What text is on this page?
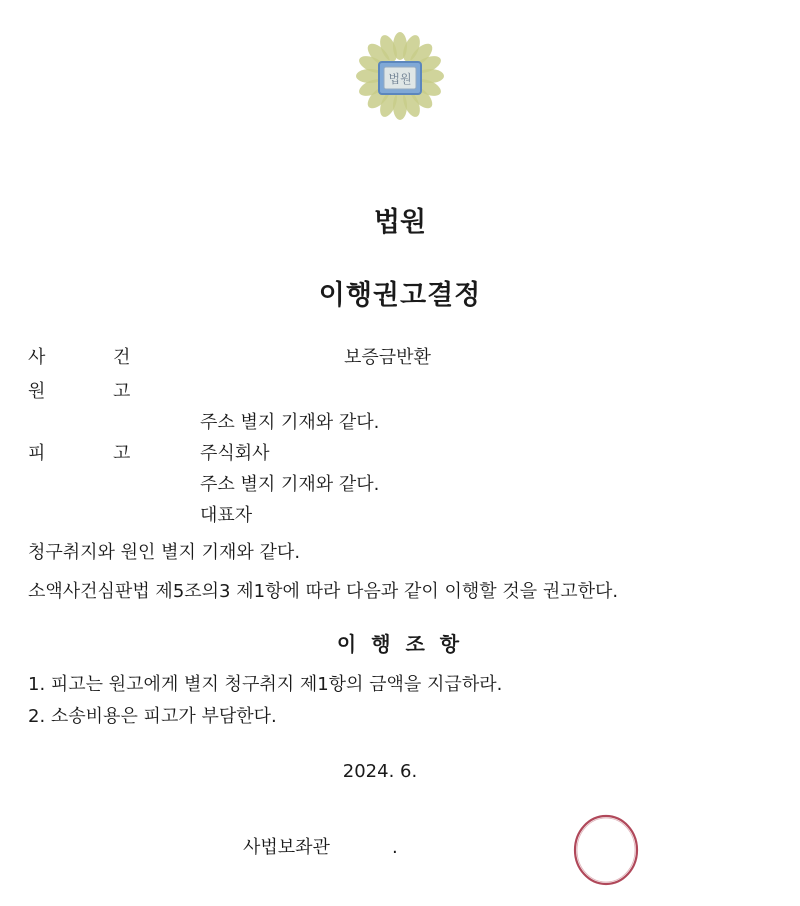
법원
법원
이행권고결정
사	건	보증금반환
원	고
주소 별지 기재와 같다.
피	고	주식회사
주소 별지 기재와 같다.
대표자
청구취지와 원인 별지 기재와 같다.
소액사건심판법 제5조의3 제1항에 따라 다음과 같이 이행할 것을 권고한다.
이 행 조 항
1. 피고는 원고에게 별지 청구취지 제1항의 금액을 지급하라.
2. 소송비용은 피고가 부담한다.
2024. 6.
사법보좌관	.
